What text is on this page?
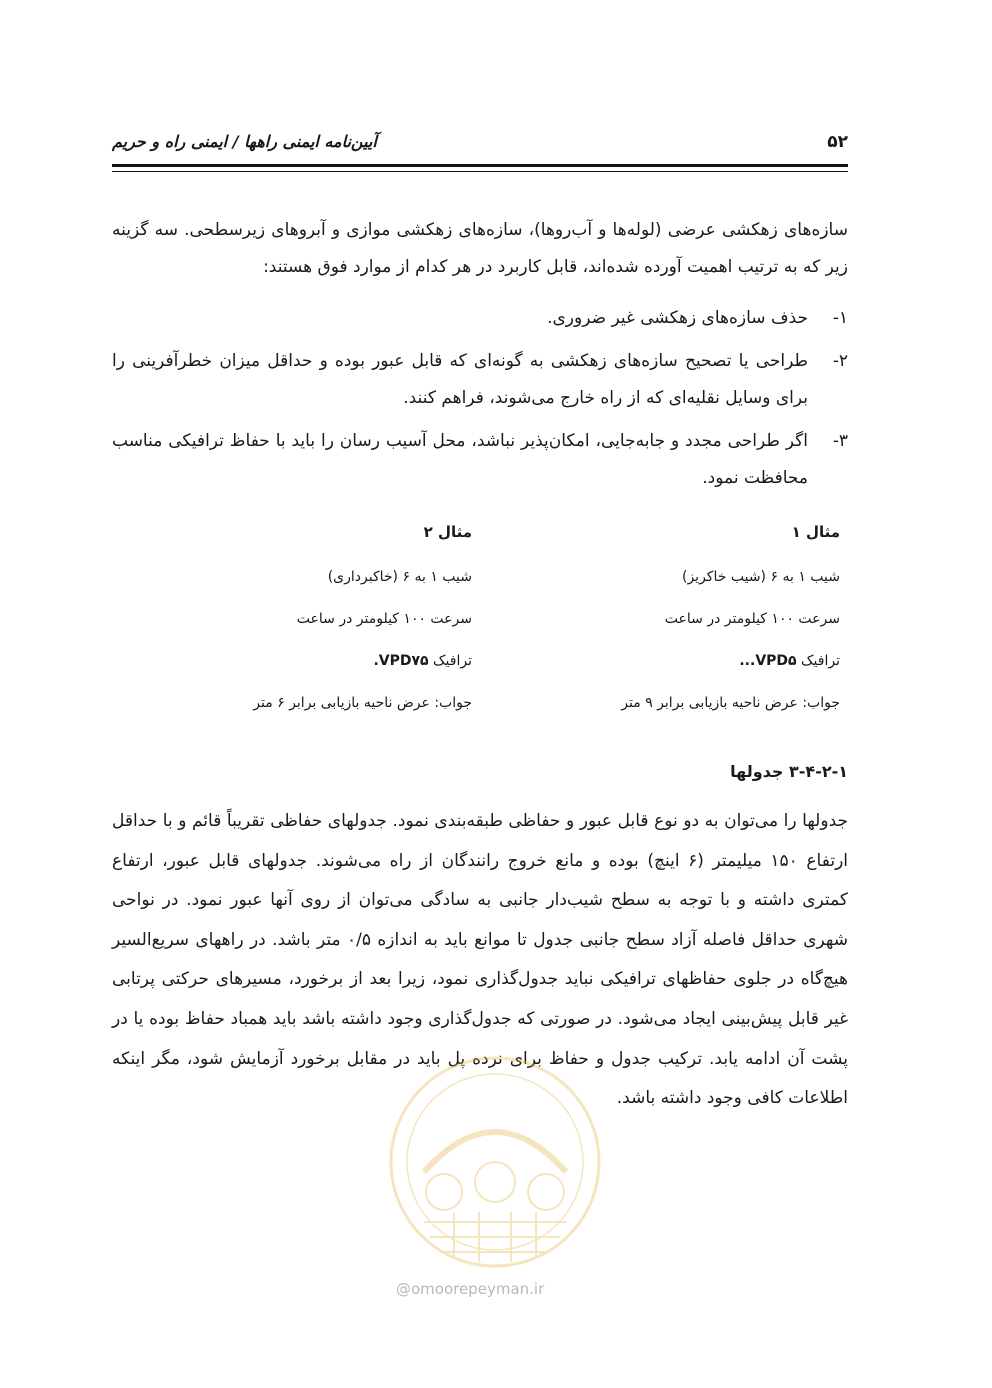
۵۲
آیین‌نامه ایمنی راهها / ایمنی راه و حریم
سازه‌های زهکشی عرضی (لوله‌ها و آب‌روها)، سازه‌های زهکشی موازی و آبروهای زیرسطحی. سه گزینه زیر که به ترتیب اهمیت آورده شده‌اند، قابل کاربرد در هر کدام از موارد فوق هستند:
۱-
حذف سازه‌های زهکشی غیر ضروری.
۲-
طراحی یا تصحیح سازه‌های زهکشی به گونه‌ای که قابل عبور بوده و حداقل میزان خطرآفرینی را برای وسایل نقلیه‌ای که از راه خارج می‌شوند، فراهم کنند.
۳-
اگر طراحی مجدد و جابه‌جایی، امکان‌پذیر نباشد، محل آسیب رسان را باید با حفاظ ترافیکی مناسب محافظت نمود.
مثال ۱
شیب ۱ به ۶ (شیب خاکریز)
سرعت ۱۰۰ کیلومتر در ساعت
ترافیک VPD۵...
جواب: عرض ناحیه بازیابی برابر ۹ متر
مثال ۲
شیب ۱ به ۶ (خاکبرداری)
سرعت ۱۰۰ کیلومتر در ساعت
ترافیک VPD۷۵.
جواب: عرض ناحیه بازیابی برابر ۶ متر
۳-۴-۲-۱ جدولها
جدولها را می‌توان به دو نوع قابل عبور و حفاظی طبقه‌بندی نمود. جدولهای حفاظی تقریباً قائم و با حداقل ارتفاع ۱۵۰ میلیمتر (۶ اینچ) بوده و مانع خروج رانندگان از راه می‌شوند. جدولهای قابل عبور، ارتفاع کمتری داشته و با توجه به سطح شیب‌دار جانبی به سادگی می‌توان از روی آنها عبور نمود. در نواحی شهری حداقل فاصله آزاد سطح جانبی جدول تا موانع باید به اندازه ۰/۵ متر باشد. در راههای سریع‌السیر هیچ‌گاه در جلوی حفاظهای ترافیکی نباید جدول‌گذاری نمود، زیرا بعد از برخورد، مسیرهای حرکتی پرتابی غیر قابل پیش‌بینی ایجاد می‌شود. در صورتی که جدول‌گذاری وجود داشته باشد باید همباد حفاظ بوده یا در پشت آن ادامه یابد. ترکیب جدول و حفاظ برای نرده پل باید در مقابل برخورد آزمایش شود، مگر اینکه اطلاعات کافی وجود داشته باشد.
@omoorepeyman.ir
